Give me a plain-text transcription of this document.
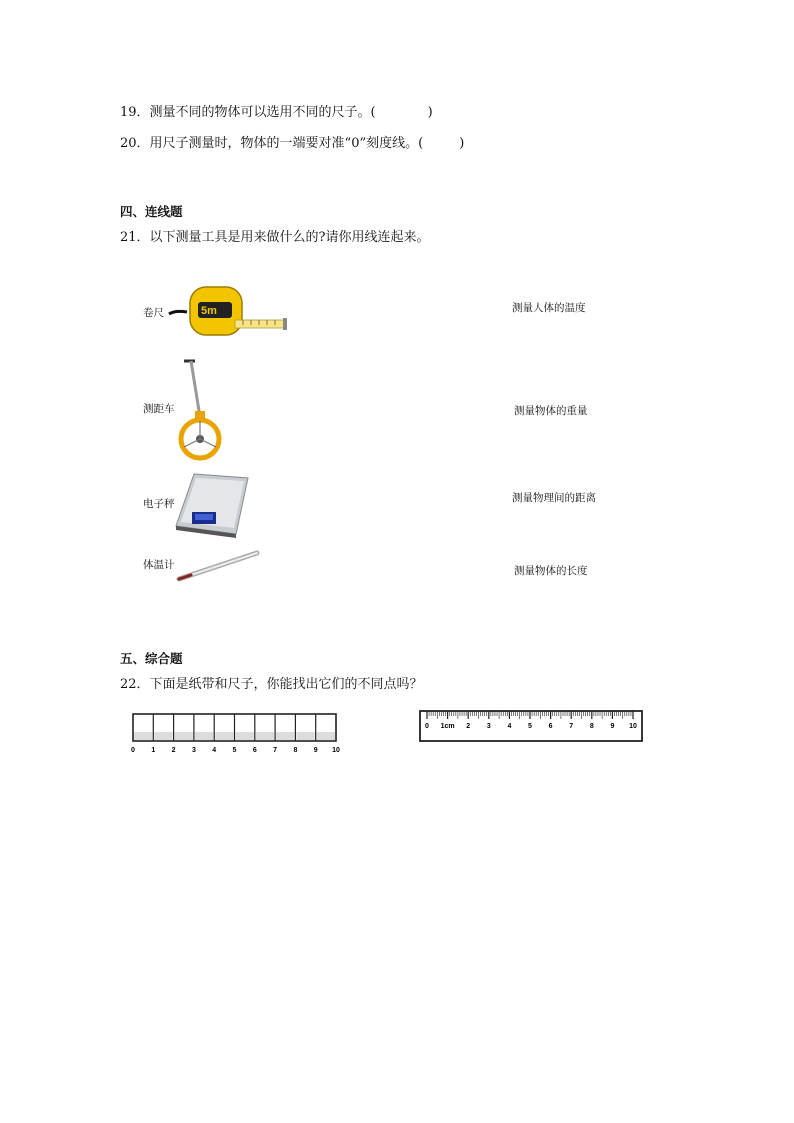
19．测量不同的物体可以选用不同的尺子。(	)
20．用尺子测量时，物体的一端要对准“0”刻度线。(	)
四、连线题
21．以下测量工具是用来做什么的?请你用线连起来。
卷尺
测距车
电子秤
体温计
5m	测量人体的温度
测量物体的重量
测量物理间的距离
测量物体的长度
五、综合题
22．下面是纸带和尺子，你能找出它们的不同点吗？
0 1 2 3 4 5 6 7 8 9 10
0 1cm 2 3 4 5 6 7 8 9 10
